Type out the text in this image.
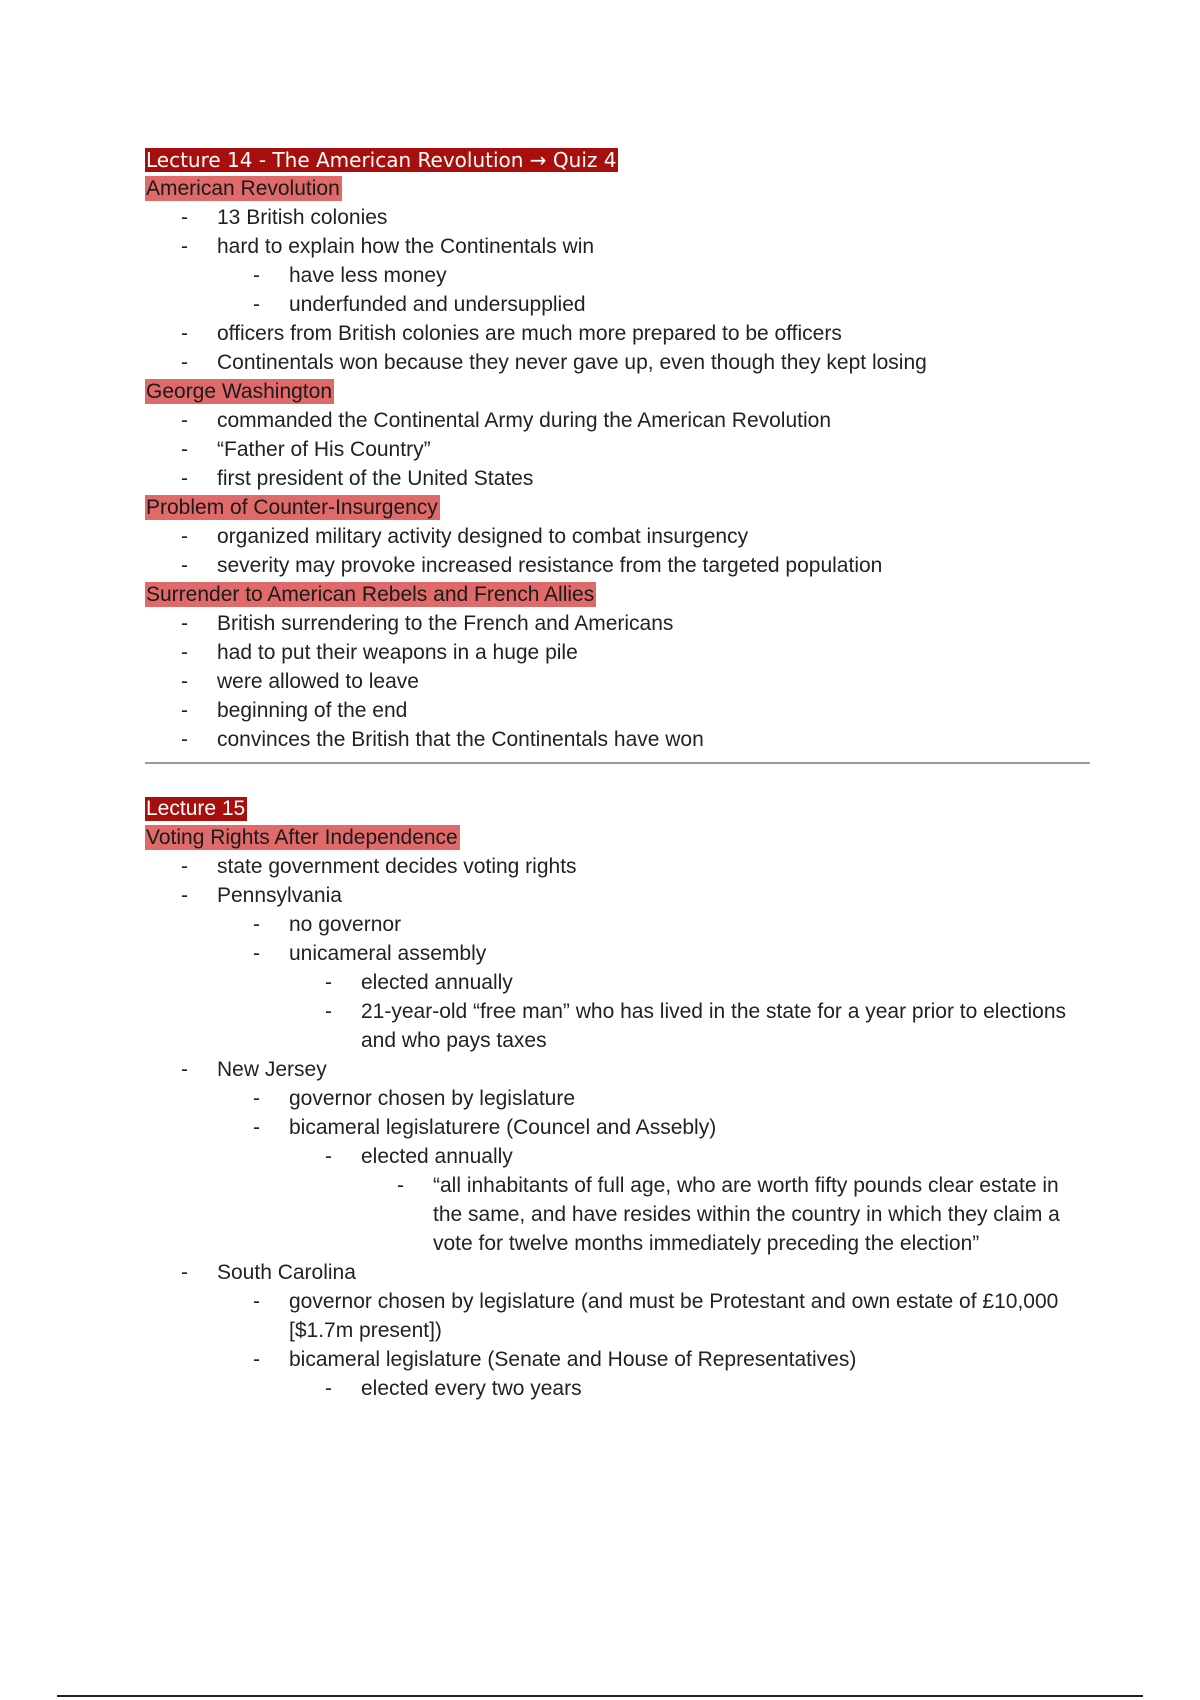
Lecture 14 - The American Revolution → Quiz 4
American Revolution
- 13 British colonies
- hard to explain how the Continentals win
- have less money
- underfunded and undersupplied
- officers from British colonies are much more prepared to be officers
- Continentals won because they never gave up, even though they kept losing
George Washington
- commanded the Continental Army during the American Revolution
- “Father of His Country”
- first president of the United States
Problem of Counter-Insurgency
- organized military activity designed to combat insurgency
- severity may provoke increased resistance from the targeted population
Surrender to American Rebels and French Allies
- British surrendering to the French and Americans
- had to put their weapons in a huge pile
- were allowed to leave
- beginning of the end
- convinces the British that the Continentals have won
Lecture 15
Voting Rights After Independence
- state government decides voting rights
- Pennsylvania
- no governor
- unicameral assembly
- elected annually
- 21-year-old “free man” who has lived in the state for a year prior to elections and who pays taxes
- New Jersey
- governor chosen by legislature
- bicameral legislaturere (Councel and Assebly)
- elected annually
- “all inhabitants of full age, who are worth fifty pounds clear estate in the same, and have resides within the country in which they claim a vote for twelve months immediately preceding the election”
- South Carolina
- governor chosen by legislature (and must be Protestant and own estate of £10,000 [$1.7m present])
- bicameral legislature (Senate and House of Representatives)
- elected every two years
